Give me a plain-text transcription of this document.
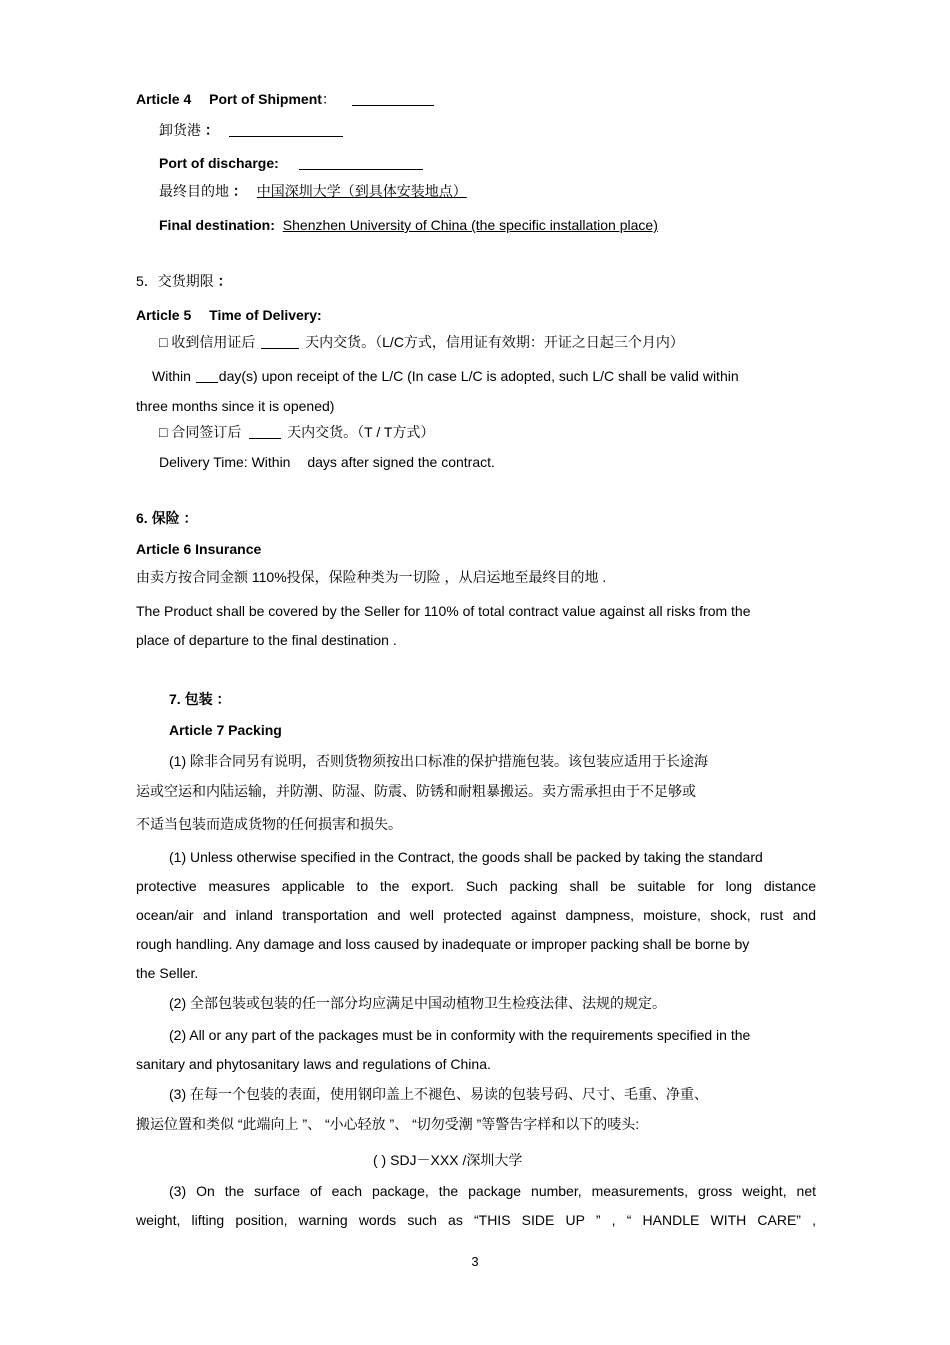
Article 4 Port of Shipment：
卸货港 ：
Port of discharge:
最终目的地 ： 中国深圳大学（到具体安装地点）
Final destination: Shenzhen University of China (the specific installation place)
5．交货期限 ：
Article 5 Time of Delivery:
□ 收到信用证后	天内交货。（L/C方式，信用证有效期：开证之日起三个月内）
Within day(s) upon receipt of the L/C (In case L/C is adopted, such L/C shall be valid within
three months since it is opened)
□ 合同签订后	天内交货。（T / T方式）
Delivery Time: Within days after signed the contract.
6. 保险 ：
Article 6 Insurance
由卖方按合同金额 110%投保，保险种类为一切险 ，从启运地至最终目的地 .
The Product shall be covered by the Seller for 110% of total contract value against all risks from the
place of departure to the final destination .
7. 包装 ：
Article 7 Packing
(1) 除非合同另有说明，否则货物须按出口标准的保护措施包装。该包装应适用于长途海
运或空运和内陆运输，并防潮、防湿、防震、防锈和耐粗暴搬运。卖方需承担由于不足够或
不适当包装而造成货物的任何损害和损失。
(1) Unless otherwise specified in the Contract, the goods shall be packed by taking the standard
protective measures applicable to the export. Such packing shall be suitable for long distance
ocean/air and inland transportation and well protected against dampness, moisture, shock, rust and
rough handling. Any damage and loss caused by inadequate or improper packing shall be borne by
the Seller.
(2) 全部包装或包装的任一部分均应满足中国动植物卫生检疫法律、法规的规定。
(2) All or any part of the packages must be in conformity with the requirements specified in the
sanitary and phytosanitary laws and regulations of China.
(3) 在每一个包装的表面，使用钢印盖上不褪色、易读的包装号码、尺寸、毛重、净重、
搬运位置和类似 “此端向上 ”、 “小心轻放 ”、 “切勿受潮 ”等警告字样和以下的唛头:
( ) SDJ－XXX /深圳大学
(3) On the surface of each package, the package number, measurements, gross weight, net
weight, lifting position, warning words such as “THIS SIDE UP ” , “ HANDLE WITH CARE” ,
3
